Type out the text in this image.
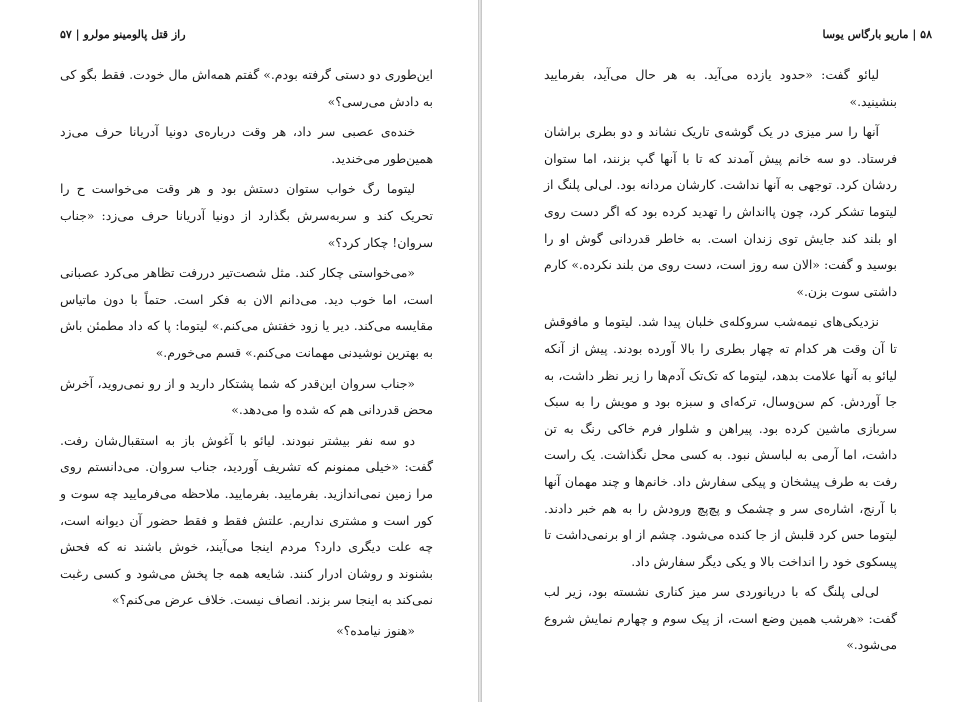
راز قتل پالومینو مولرو | ۵۷

این‌طوری دو دستی گرفته بودم.» گفتم همه‌اش مال خودت. فقط بگو کی به دادش می‌رسی؟»

خنده‌ی عصبی سر داد، هر وقت درباره‌ی دونیا آدریانا حرف می‌زد همین‌طور می‌خندید.

لیتوما رگ خواب ستوان دستش بود و هر وقت می‌خواست ح را تحریک کند و سربه‌سرش بگذارد از دونیا آدریانا حرف می‌زد: «جناب سروان! چکار کرد؟»

«می‌خواستی چکار کند. مثل شصت‌تیر دررفت تظاهر می‌کرد عصبانی است، اما خوب دید. می‌دانم الان به فکر است. حتماً با دون ماتیاس مقایسه می‌کند. دیر یا زود خفتش می‌کنم.» لیتوما: پا که داد مطمئن باش به بهترین نوشیدنی مهمانت می‌کنم.» قسم می‌خورم.»

«جناب سروان این‌قدر که شما پشتکار دارید و از رو نمی‌روید، آخرش محض قدردانی هم که شده وا می‌دهد.»

دو سه نفر بیشتر نبودند. لیائو با آغوش باز به استقبال‌شان رفت. گفت: «خیلی ممنونم که تشریف آوردید، جناب سروان. می‌دانستم روی مرا زمین نمی‌اندازید. بفرمایید. بفرمایید. ملاحظه می‌فرمایید چه سوت و کور است و مشتری نداریم. علتش فقط و فقط حضور آن دیوانه است، چه علت دیگری دارد؟ مردم اینجا می‌آیند، خوش باشند نه که فحش بشنوند و روشان ادرار کنند. شایعه همه جا پخش می‌شود و کسی رغبت نمی‌کند به اینجا سر بزند. انصاف نیست. خلاف عرض می‌کنم؟»

«هنوز نیامده؟»

۵۸ | ماریو بارگاس یوسا

لیائو گفت: «حدود یازده می‌آید. به هر حال می‌آید، بفرمایید بنشینید.»

آنها را سر میزی در یک گوشه‌ی تاریک نشاند و دو بطری براشان فرستاد. دو سه خانم پیش آمدند که تا با آنها گپ بزنند، اما ستوان ردشان کرد. توجهی به آنها نداشت. کارشان مردانه بود. لی‌لی پلنگ از لیتوما تشکر کرد، چون پاانداش را تهدید کرده بود که اگر دست روی او بلند کند جایش توی زندان است. به خاطر قدردانی گوش او را بوسید و گفت: «الان سه روز است، دست روی من بلند نکرده.» کارم داشتی سوت بزن.»

نزدیکی‌های نیمه‌شب سروکله‌ی خلبان پیدا شد. لیتوما و مافوقش تا آن وقت هر کدام ته چهار بطری را بالا آورده بودند. پیش از آنکه لیائو به آنها علامت بدهد، لیتوما که تک‌تک آدم‌ها را زیر نظر داشت، به جا آوردش. کم سن‌وسال، ترکه‌ای و سبزه بود و مویش را به سبک سربازی ماشین کرده بود. پیراهن و شلوار فرم خاکی رنگ به تن داشت، اما آرمی به لباسش نبود. به کسی محل نگذاشت. یک راست رفت به طرف پیشخان و پیکی سفارش داد. خانم‌ها و چند مهمان آنها با آرنج، اشاره‌ی سر و چشمک و پچ‌پچ ورودش را به هم خبر دادند. لیتوما حس کرد قلبش از جا کنده می‌شود. چشم از او برنمی‌داشت تا پیسکوی خود را انداخت بالا و یکی دیگر سفارش داد.

لی‌لی پلنگ که با دریانوردی سر میز کناری نشسته بود، زیر لب گفت: «هرشب همین وضع است، از پیک سوم و چهارم نمایش شروع می‌شود.»
